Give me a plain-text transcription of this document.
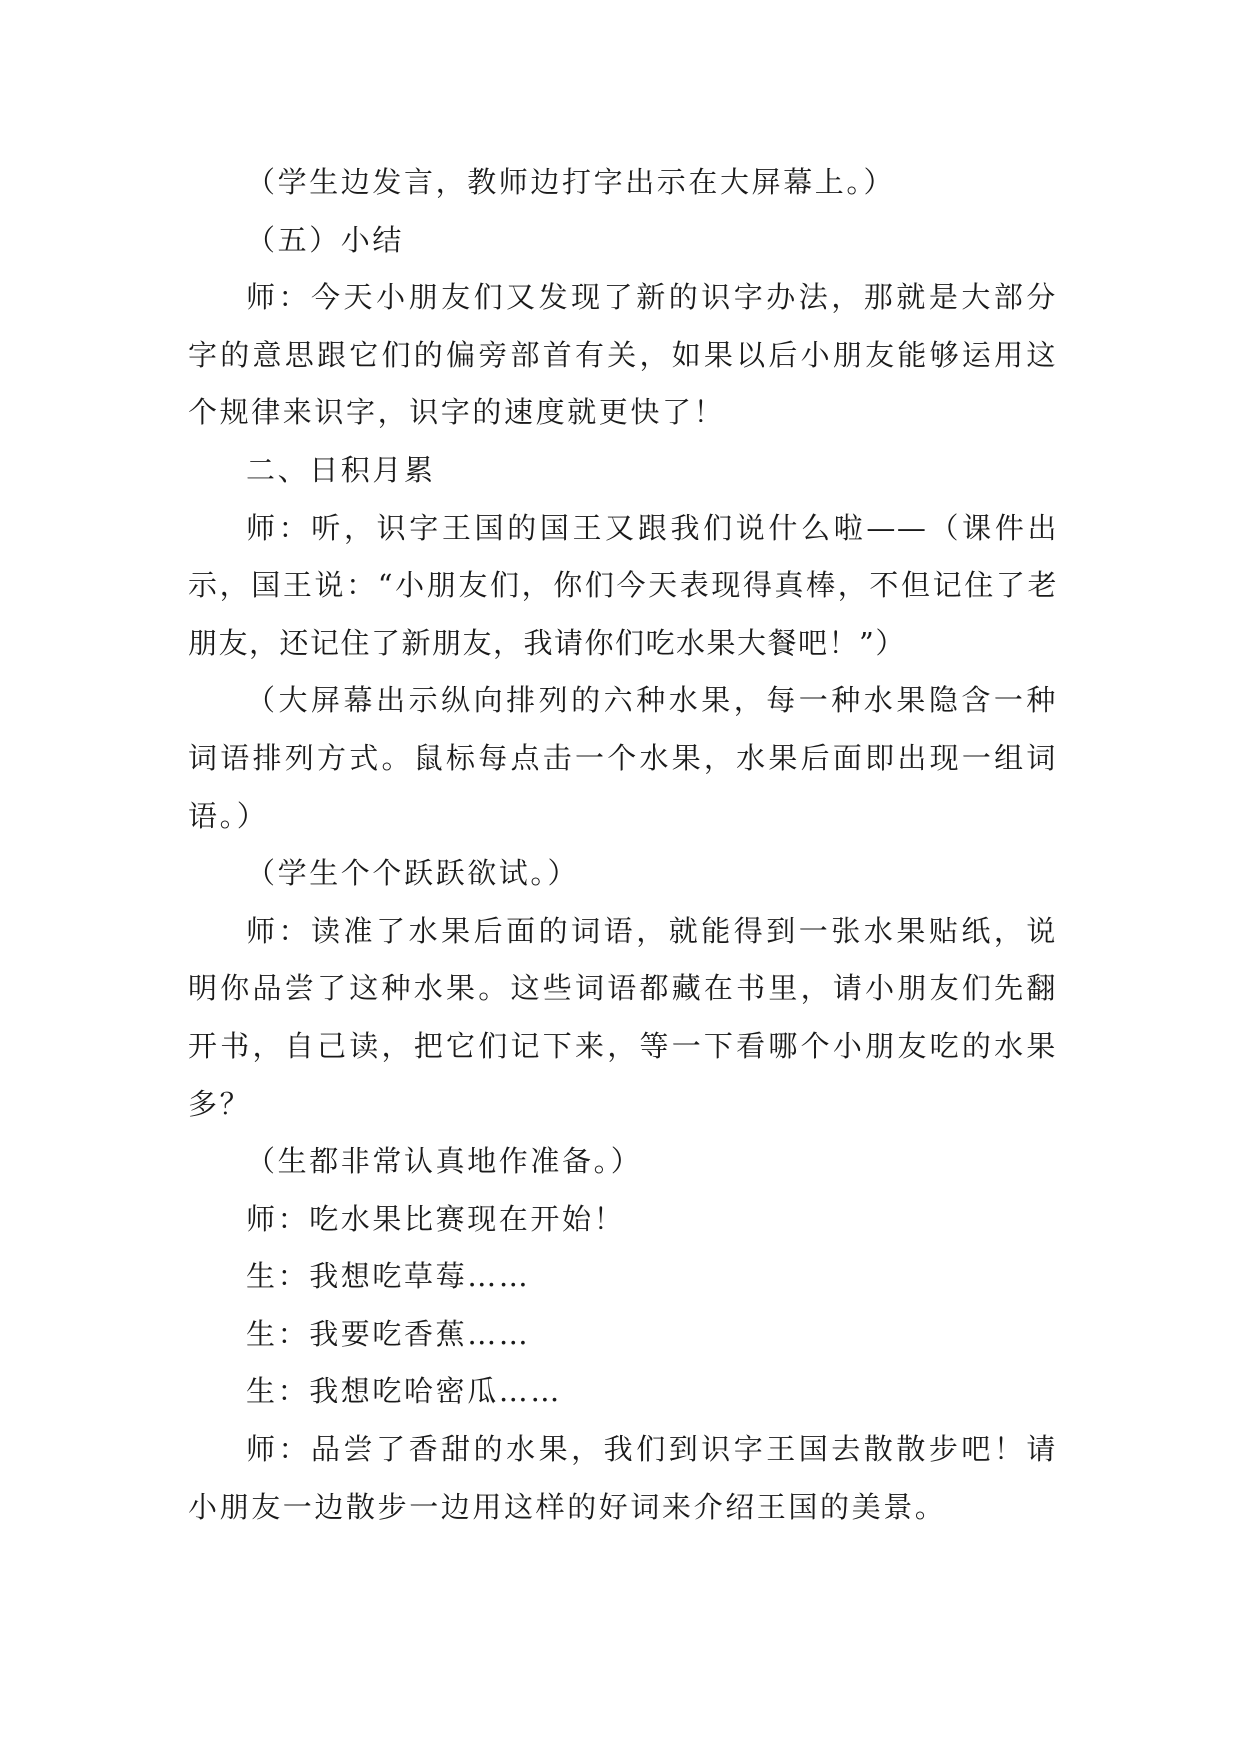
（学生边发言，教师边打字出示在大屏幕上。）

（五）小结

师：今天小朋友们又发现了新的识字办法，那就是大部分字的意思跟它们的偏旁部首有关，如果以后小朋友能够运用这个规律来识字，识字的速度就更快了！

二、日积月累

师：听，识字王国的国王又跟我们说什么啦——（课件出示，国王说：“小朋友们，你们今天表现得真棒，不但记住了老朋友，还记住了新朋友，我请你们吃水果大餐吧！”）

（大屏幕出示纵向排列的六种水果，每一种水果隐含一种词语排列方式。鼠标每点击一个水果，水果后面即出现一组词语。）

（学生个个跃跃欲试。）

师：读准了水果后面的词语，就能得到一张水果贴纸，说明你品尝了这种水果。这些词语都藏在书里，请小朋友们先翻开书，自己读，把它们记下来，等一下看哪个小朋友吃的水果多？

（生都非常认真地作准备。）

师：吃水果比赛现在开始！

生：我想吃草莓……

生：我要吃香蕉……

生：我想吃哈密瓜……

师：品尝了香甜的水果，我们到识字王国去散散步吧！请小朋友一边散步一边用这样的好词来介绍王国的美景。
